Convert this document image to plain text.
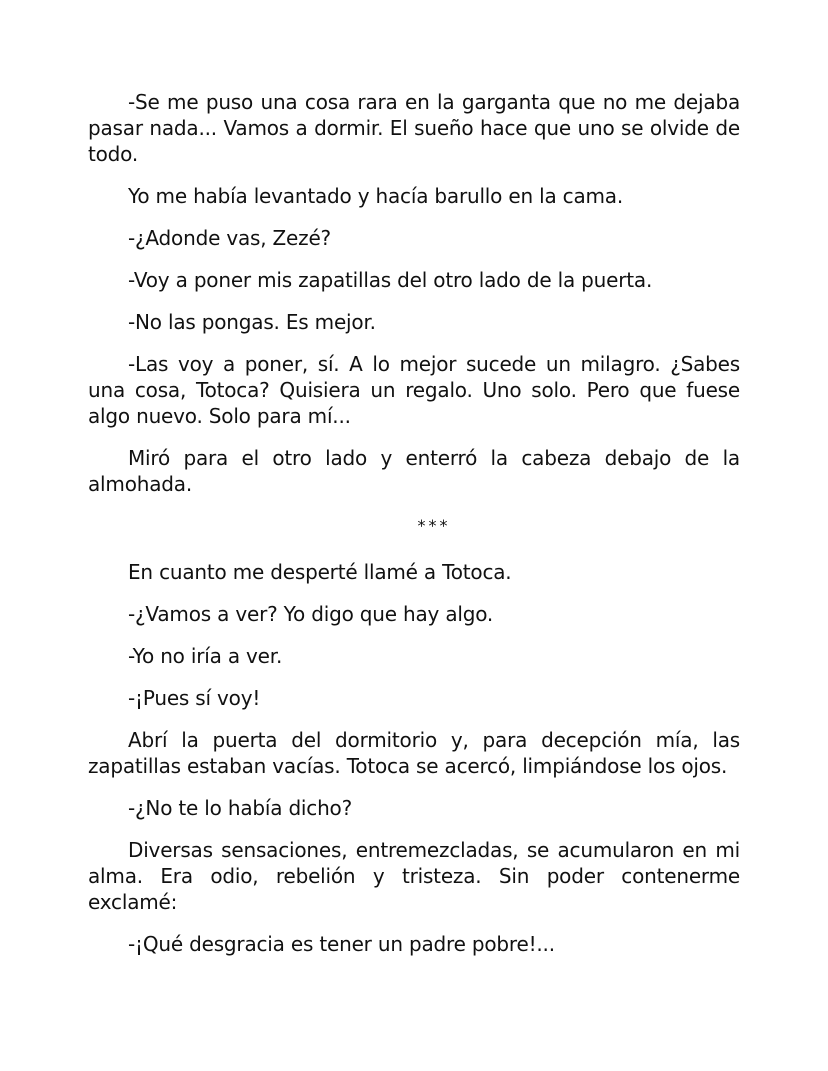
-Se me puso una cosa rara en la garganta que no me dejaba pasar nada... Vamos a dormir. El sueño hace que uno se olvide de todo.

Yo me había levantado y hacía barullo en la cama.

-¿Adonde vas, Zezé?

-Voy a poner mis zapatillas del otro lado de la puerta.

-No las pongas. Es mejor.

-Las voy a poner, sí. A lo mejor sucede un milagro. ¿Sabes una cosa, Totoca? Quisiera un regalo. Uno solo. Pero que fuese algo nuevo. Solo para mí...

Miró para el otro lado y enterró la cabeza debajo de la almohada.

***

En cuanto me desperté llamé a Totoca.

-¿Vamos a ver? Yo digo que hay algo.

-Yo no iría a ver.

-¡Pues sí voy!

Abrí la puerta del dormitorio y, para decepción mía, las zapatillas estaban vacías. Totoca se acercó, limpiándose los ojos.

-¿No te lo había dicho?

Diversas sensaciones, entremezcladas, se acumularon en mi alma. Era odio, rebelión y tristeza. Sin poder contenerme exclamé:

-¡Qué desgracia es tener un padre pobre!...
